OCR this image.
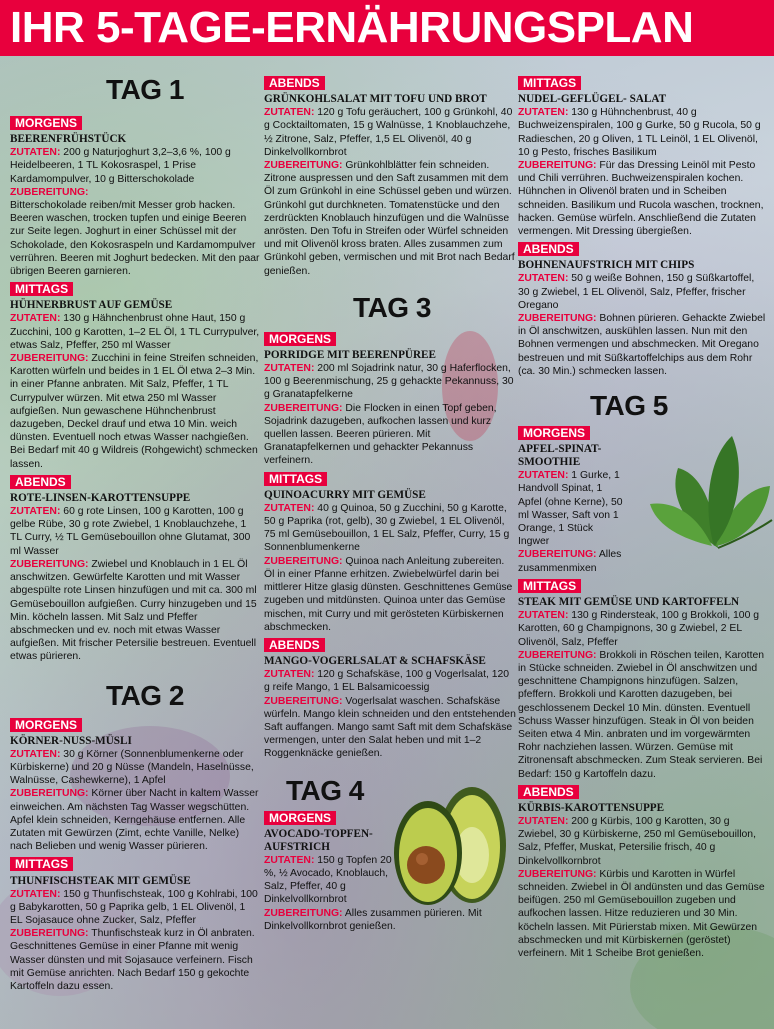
IHR 5-TAGE-ERNÄHRUNGSPLAN
TAG 1
MORGENS
BEERENFRÜHSTÜCK

ZUTATEN: 200 g Naturjoghurt 3,2–3,6 %, 100 g Heidelbeeren, 1 TL Kokosraspel, 1 Prise Kardamompulver, 10 g Bitterschokolade

ZUBEREITUNG:

Bitterschokolade reiben/mit Messer grob hacken. Beeren waschen, trocken tupfen und einige Beeren zur Seite legen. Joghurt in einer Schüssel mit der Schokolade, den Kokosraspeln und Kardamompulver verrühren. Beeren mit Joghurt bedecken. Mit den paar übrigen Beeren garnieren.

MITTAGS
HÜHNERBRUST AUF GEMÜSE

ZUTATEN: 130 g Hähnchenbrust ohne Haut, 150 g Zucchini, 100 g Karotten, 1–2 EL Öl, 1 TL Currypulver, etwas Salz, Pfeffer, 250 ml Wasser

ZUBEREITUNG: Zucchini in feine Streifen schneiden, Karotten würfeln und beides in 1 EL Öl etwa 2–3 Min. in einer Pfanne anbraten. Mit Salz, Pfeffer, 1 TL Currypulver würzen. Mit etwa 250 ml Wasser aufgießen. Nun gewaschene Hühnchenbrust dazugeben, Deckel drauf und etwa 10 Min. weich dünsten. Eventuell noch etwas Wasser nachgießen. Bei Bedarf mit 40 g Wildreis (Rohgewicht) schmecken lassen.

ABENDS
ROTE-LINSEN-KAROTTENSUPPE

ZUTATEN: 60 g rote Linsen, 100 g Karotten, 100 g gelbe Rübe, 30 g rote Zwiebel, 1 Knoblauchzehe, 1 TL Curry, ½ TL Gemüsebouillon ohne Glutamat, 300 ml Wasser

ZUBEREITUNG: Zwiebel und Knoblauch in 1 EL Öl anschwitzen. Gewürfelte Karotten und mit Wasser abgespülte rote Linsen hinzufügen und mit ca. 300 ml Gemüsebouillon aufgießen. Curry hinzugeben und 15 Min. köcheln lassen. Mit Salz und Pfeffer abschmecken und ev. noch mit etwas Wasser aufgießen. Mit frischer Petersilie bestreuen. Eventuell etwas pürieren.

TAG 2
MORGENS
KÖRNER-NUSS-MÜSLI

ZUTATEN: 30 g Körner (Sonnenblumenkerne oder Kürbiskerne) und 20 g Nüsse (Mandeln, Haselnüsse, Walnüsse, Cashewkerne), 1 Apfel

ZUBEREITUNG: Körner über Nacht in kaltem Wasser einweichen. Am nächsten Tag Wasser wegschütten. Apfel klein schneiden, Kerngehäuse entfernen. Alle Zutaten mit Gewürzen (Zimt, echte Vanille, Nelke) nach Belieben und wenig Wasser pürieren.

MITTAGS
THUNFISCHSTEAK MIT GEMÜSE

ZUTATEN: 150 g Thunfischsteak, 100 g Kohlrabi, 100 g Babykarotten, 50 g Paprika gelb, 1 EL Olivenöl, 1 EL Sojasauce ohne Zucker, Salz, Pfeffer

ZUBEREITUNG: Thunfischsteak kurz in Öl anbraten. Geschnittenes Gemüse in einer Pfanne mit wenig Wasser dünsten und mit Sojasauce verfeinern. Fisch mit Gemüse anrichten. Nach Bedarf 150 g gekochte Kartoffeln dazu essen.

ABENDS
GRÜNKOHLSALAT MIT TOFU UND BROT

ZUTATEN: 120 g Tofu geräuchert, 100 g Grünkohl, 40 g Cocktailtomaten, 15 g Walnüsse, 1 Knoblauchzehe, ½ Zitrone, Salz, Pfeffer, 1,5 EL Olivenöl, 40 g Dinkelvollkornbrot

ZUBEREITUNG: Grünkohlblätter fein schneiden. Zitrone auspressen und den Saft zusammen mit dem Öl zum Grünkohl in eine Schüssel geben und würzen. Grünkohl gut durchkneten. Tomatenstücke und den zerdrückten Knoblauch hinzufügen und die Walnüsse anrösten. Den Tofu in Streifen oder Würfel schneiden und mit Olivenöl kross braten. Alles zusammen zum Grünkohl geben, vermischen und mit Brot nach Bedarf genießen.

TAG 3
MORGENS
PORRIDGE MIT BEERENPÜREE

ZUTATEN: 200 ml Sojadrink natur, 30 g Haferflocken, 100 g Beerenmischung, 25 g gehackte Pekannuss, 30 g Granatapfelkerne

ZUBEREITUNG: Die Flocken in einen Topf geben, Sojadrink dazugeben, aufkochen lassen und kurz quellen lassen. Beeren pürieren. Mit Granatapfelkernen und gehackter Pekannuss verfeinern.

MITTAGS
QUINOACURRY MIT GEMÜSE

ZUTATEN: 40 g Quinoa, 50 g Zucchini, 50 g Karotte, 50 g Paprika (rot, gelb), 30 g Zwiebel, 1 EL Olivenöl, 75 ml Gemüsebouillon, 1 EL Salz, Pfeffer, Curry, 15 g Sonnenblumenkerne

ZUBEREITUNG: Quinoa nach Anleitung zubereiten. Öl in einer Pfanne erhitzen. Zwiebelwürfel darin bei mittlerer Hitze glasig dünsten. Geschnittenes Gemüse zugeben und mitdünsten. Quinoa unter das Gemüse mischen, mit Curry und mit gerösteten Kürbiskernen abschmecken.

ABENDS
MANGO-VOGERLSALAT & SCHAFSKÄSE

ZUTATEN: 120 g Schafskäse, 100 g Vogerlsalat, 120 g reife Mango, 1 EL Balsamicoessig

ZUBEREITUNG: Vogerlsalat waschen. Schafskäse würfeln. Mango klein schneiden und den entstehenden Saft auffangen. Mango samt Saft mit dem Schafskäse vermengen, unter den Salat heben und mit 1–2 Roggenknäcke genießen.

TAG 4
MORGENS
AVOCADO-TOPFEN-AUFSTRICH

ZUTATEN: 150 g Topfen 20 %, ½ Avocado, Knoblauch, Salz, Pfeffer, 40 g Dinkelvollkornbrot

ZUBEREITUNG: Alles zusammen pürieren. Mit Dinkelvollkornbrot genießen.

MITTAGS
NUDEL-GEFLÜGEL- SALAT

ZUTATEN: 130 g Hühnchenbrust, 40 g Buchweizenspiralen, 100 g Gurke, 50 g Rucola, 50 g Radieschen, 20 g Oliven, 1 TL Leinöl, 1 EL Olivenöl, 10 g Pesto, frisches Basilikum

ZUBEREITUNG: Für das Dressing Leinöl mit Pesto und Chili verrühren. Buchweizenspiralen kochen. Hühnchen in Olivenöl braten und in Scheiben schneiden. Basilikum und Rucola waschen, trocknen, hacken. Gemüse würfeln. Anschließend die Zutaten vermengen. Mit Dressing übergießen.

ABENDS
BOHNENAUFSTRICH MIT CHIPS

ZUTATEN: 50 g weiße Bohnen, 150 g Süßkartoffel, 30 g Zwiebel, 1 EL Olivenöl, Salz, Pfeffer, frischer Oregano

ZUBEREITUNG: Bohnen pürieren. Gehackte Zwiebel in Öl anschwitzen, auskühlen lassen. Nun mit den Bohnen vermengen und abschmecken. Mit Oregano bestreuen und mit Süßkartoffelchips aus dem Rohr (ca. 30 Min.) schmecken lassen.

TAG 5
MORGENS
APFEL-SPINAT-SMOOTHIE

ZUTATEN: 1 Gurke, 1 Handvoll Spinat, 1 Apfel (ohne Kerne), 50 ml Wasser, Saft von 1 Orange, 1 Stück Ingwer

ZUBEREITUNG: Alles zusammenmixen

MITTAGS
STEAK MIT GEMÜSE UND KARTOFFELN

ZUTATEN: 130 g Rindersteak, 100 g Brokkoli, 100 g Karotten, 60 g Champignons, 30 g Zwiebel, 2 EL Olivenöl, Salz, Pfeffer

ZUBEREITUNG: Brokkoli in Röschen teilen, Karotten in Stücke schneiden. Zwiebel in Öl anschwitzen und geschnittene Champignons hinzufügen. Salzen, pfeffern. Brokkoli und Karotten dazugeben, bei geschlossenem Deckel 10 Min. dünsten. Eventuell Schuss Wasser hinzufügen. Steak in Öl von beiden Seiten etwa 4 Min. anbraten und im vorgewärmten Rohr nachziehen lassen. Würzen. Gemüse mit Zitronensaft abschmecken. Zum Steak servieren. Bei Bedarf: 150 g Kartoffeln dazu.

ABENDS
KÜRBIS-KAROTTENSUPPE

ZUTATEN: 200 g Kürbis, 100 g Karotten, 30 g Zwiebel, 30 g Kürbiskerne, 250 ml Gemüsebouillon, Salz, Pfeffer, Muskat, Petersilie frisch, 40 g Dinkelvollkornbrot

ZUBEREITUNG: Kürbis und Karotten in Würfel schneiden. Zwiebel in Öl andünsten und das Gemüse beifügen. 250 ml Gemüsebouillon zugeben und aufkochen lassen. Hitze reduzieren und 30 Min. köcheln lassen. Mit Pürierstab mixen. Mit Gewürzen abschmecken und mit Kürbiskernen (geröstet) verfeinern. Mit 1 Scheibe Brot genießen.
